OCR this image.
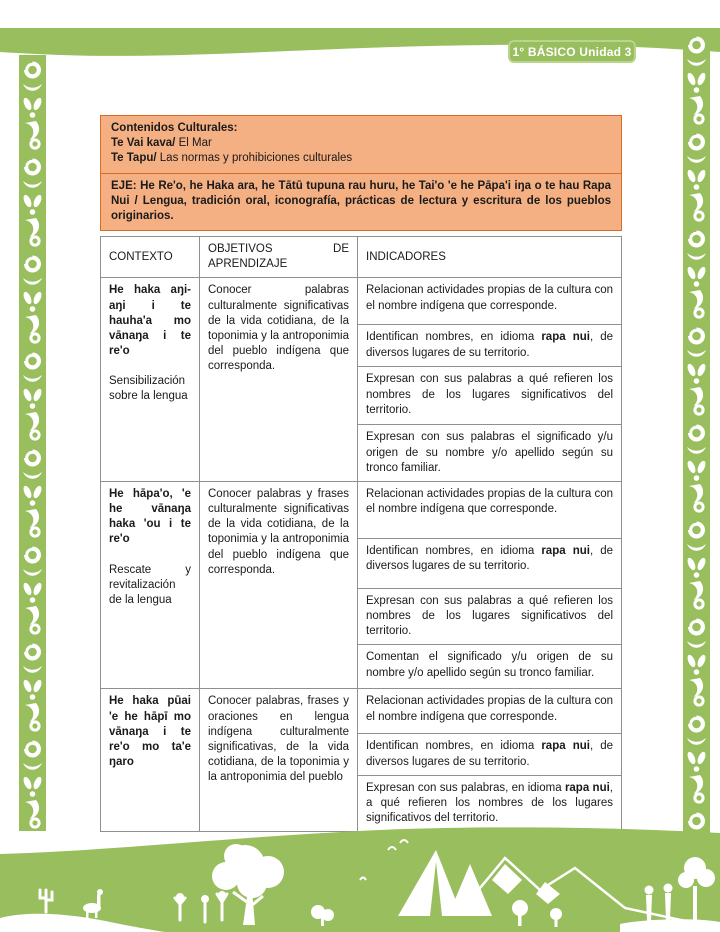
1° BÁSICO Unidad 3
Contenidos Culturales:
Te Vai kava/ El Mar
Te Tapu/ Las normas y prohibiciones culturales
EJE: He Re'o, he Haka ara, he Tātū tupuna rau huru, he Tai'o 'e he Pāpa'i iŋa o te hau Rapa Nui / Lengua, tradición oral, iconografía, prácticas de lectura y escritura de los pueblos originarios.
CONTEXTO
OBJETIVOS DE APRENDIZAJE
INDICADORES
He haka aŋi-aŋi i te hauha'a mo vānaŋa i te re'o
Sensibilización sobre la lengua
Conocer palabras culturalmente significativas de la vida cotidiana, de la toponimia y la antroponimia del pueblo indígena que corresponda.
Relacionan actividades propias de la cultura con el nombre indígena que corresponde.
Identifican nombres, en idioma rapa nui, de diversos lugares de su territorio.
Expresan con sus palabras a qué refieren los nombres de los lugares significativos del territorio.
Expresan con sus palabras el significado y/u origen de su nombre y/o apellido según su tronco familiar.
He hāpa'o, 'e he vānaŋa haka 'ou i te re'o
Rescate y revitalización de la lengua
Conocer palabras y frases culturalmente significativas de la vida cotidiana, de la toponimia y la antroponimia del pueblo indígena que corresponda.
Relacionan actividades propias de la cultura con el nombre indígena que corresponde.
Identifican nombres, en idioma rapa nui, de diversos lugares de su territorio.
Expresan con sus palabras a qué refieren los nombres de los lugares significativos del territorio.
Comentan el significado y/u origen de su nombre y/o apellido según su tronco familiar.
He haka pūai 'e he hāpī mo vānaŋa i te re'o mo ta'e ŋaro
Conocer palabras, frases y oraciones en lengua indígena culturalmente significativas, de la vida cotidiana, de la toponimia y la antroponimia del pueblo
Relacionan actividades propias de la cultura con el nombre indígena que corresponde.
Identifican nombres, en idioma rapa nui, de diversos lugares de su territorio.
Expresan con sus palabras, en idioma rapa nui, a qué refieren los nombres de los lugares significativos del territorio.
